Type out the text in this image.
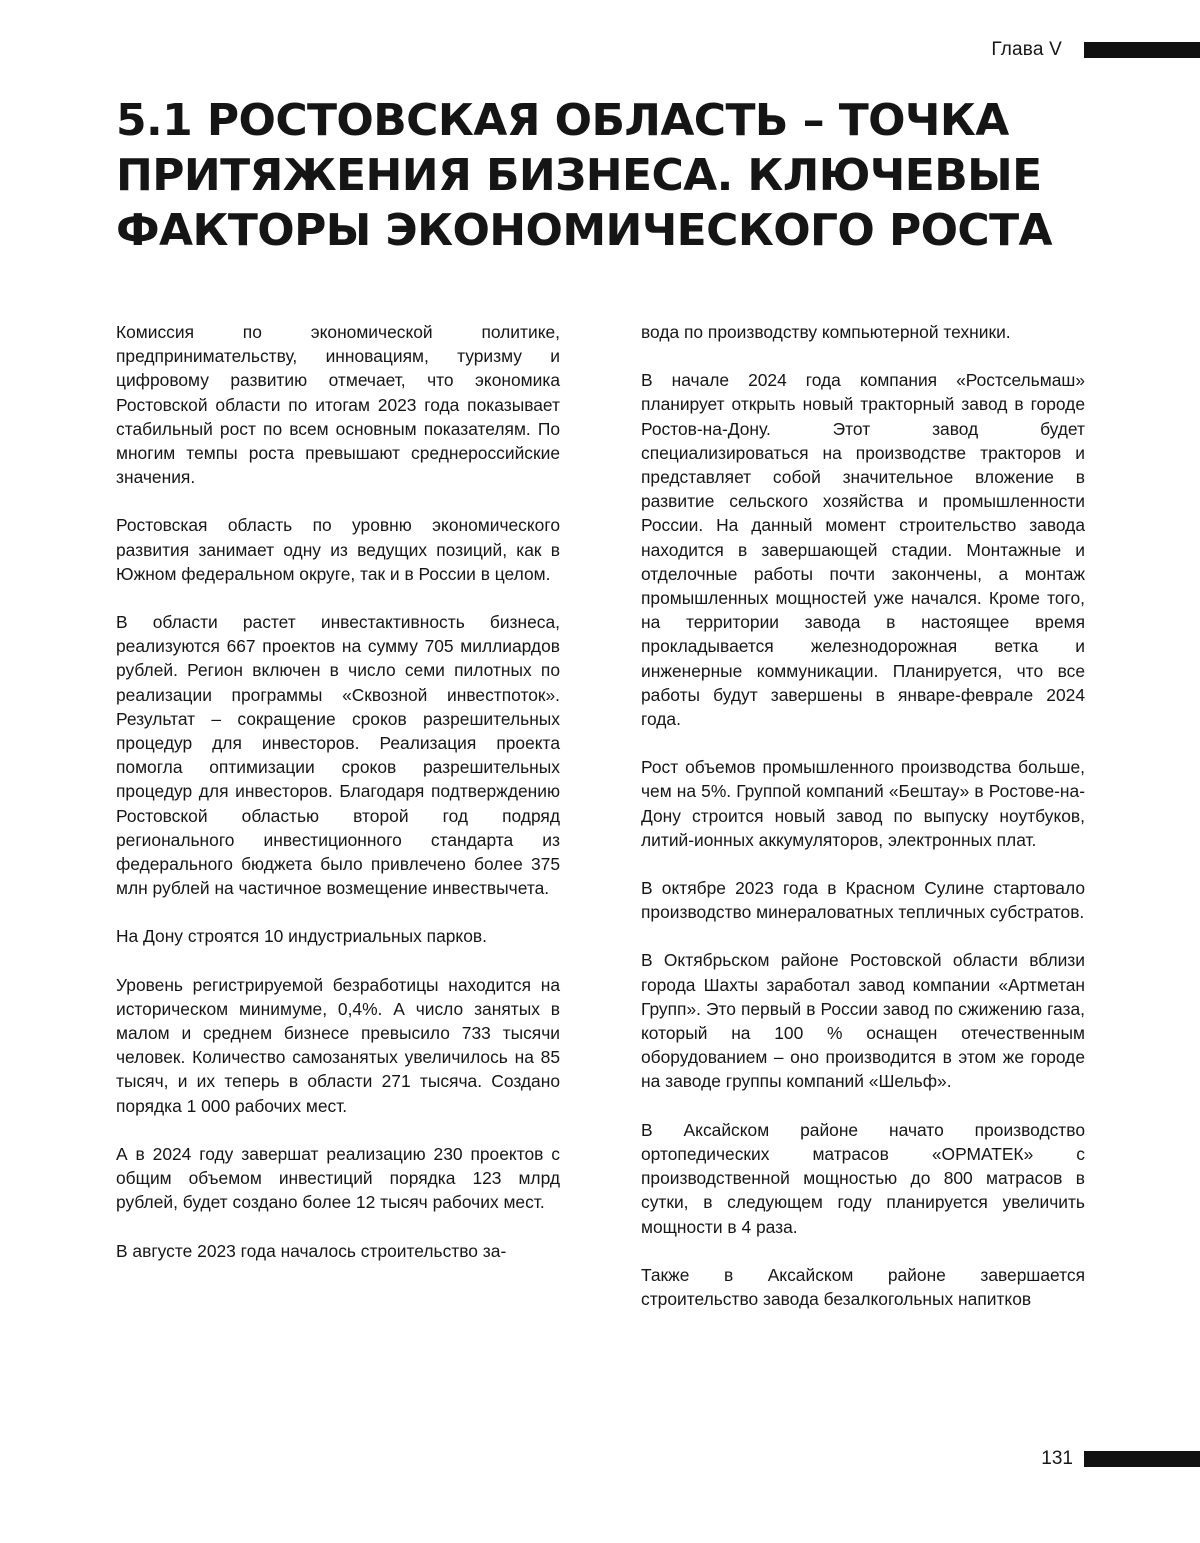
Глава V
5.1 РОСТОВСКАЯ ОБЛАСТЬ – ТОЧКА
ПРИТЯЖЕНИЯ БИЗНЕСА. КЛЮЧЕВЫЕ
ФАКТОРЫ ЭКОНОМИЧЕСКОГО РОСТА

Комиссия по экономической политике, предпринимательству, инновациям, туризму и цифровому развитию отмечает, что экономика Ростовской области по итогам 2023 года показывает стабильный рост по всем основным показателям. По многим темпы роста превышают среднероссийские значения.

Ростовская область по уровню экономического развития занимает одну из ведущих позиций, как в Южном федеральном округе, так и в России в целом.

В области растет инвестактивность бизнеса, реализуются 667 проектов на сумму 705 миллиардов рублей. Регион включен в число семи пилотных по реализации программы «Сквозной инвестпоток». Результат – сокращение сроков разрешительных процедур для инвесторов. Реализация проекта помогла оптимизации сроков разрешительных процедур для инвесторов. Благодаря подтверждению Ростовской областью второй год подряд регионального инвестиционного стандарта из федерального бюджета было привлечено более 375 млн рублей на частичное возмещение инвествычета.

На Дону строятся 10 индустриальных парков.

Уровень регистрируемой безработицы находится на историческом минимуме, 0,4%. А число занятых в малом и среднем бизнесе превысило 733 тысячи человек. Количество самозанятых увеличилось на 85 тысяч, и их теперь в области 271 тысяча. Создано порядка 1 000 рабочих мест.

А в 2024 году завершат реализацию 230 проектов с общим объемом инвестиций порядка 123 млрд рублей, будет создано более 12 тысяч рабочих мест.

В августе 2023 года началось строительство за-

вода по производству компьютерной техники.

В начале 2024 года компания «Ростсельмаш» планирует открыть новый тракторный завод в городе Ростов-на-Дону. Этот завод будет специализироваться на производстве тракторов и представляет собой значительное вложение в развитие сельского хозяйства и промышленности России. На данный момент строительство завода находится в завершающей стадии. Монтажные и отделочные работы почти закончены, а монтаж промышленных мощностей уже начался. Кроме того, на территории завода в настоящее время прокладывается железнодорожная ветка и инженерные коммуникации. Планируется, что все работы будут завершены в январе-феврале 2024 года.

Рост объемов промышленного производства больше, чем на 5%. Группой компаний «Бештау» в Ростове-на-Дону строится новый завод по выпуску ноутбуков, литий-ионных аккумуляторов, электронных плат.

В октябре 2023 года в Красном Сулине стартовало производство минераловатных тепличных субстратов.

В Октябрьском районе Ростовской области вблизи города Шахты заработал завод компании «Артметан Групп». Это первый в России завод по сжижению газа, который на 100 % оснащен отечественным оборудованием – оно производится в этом же городе на заводе группы компаний «Шельф».

В Аксайском районе начато производство ортопедических матрасов «ОРМАТЕК» с производственной мощностью до 800 матрасов в сутки, в следующем году планируется увеличить мощности в 4 раза.

Также в Аксайском районе завершается строительство завода безалкогольных напитков

131
